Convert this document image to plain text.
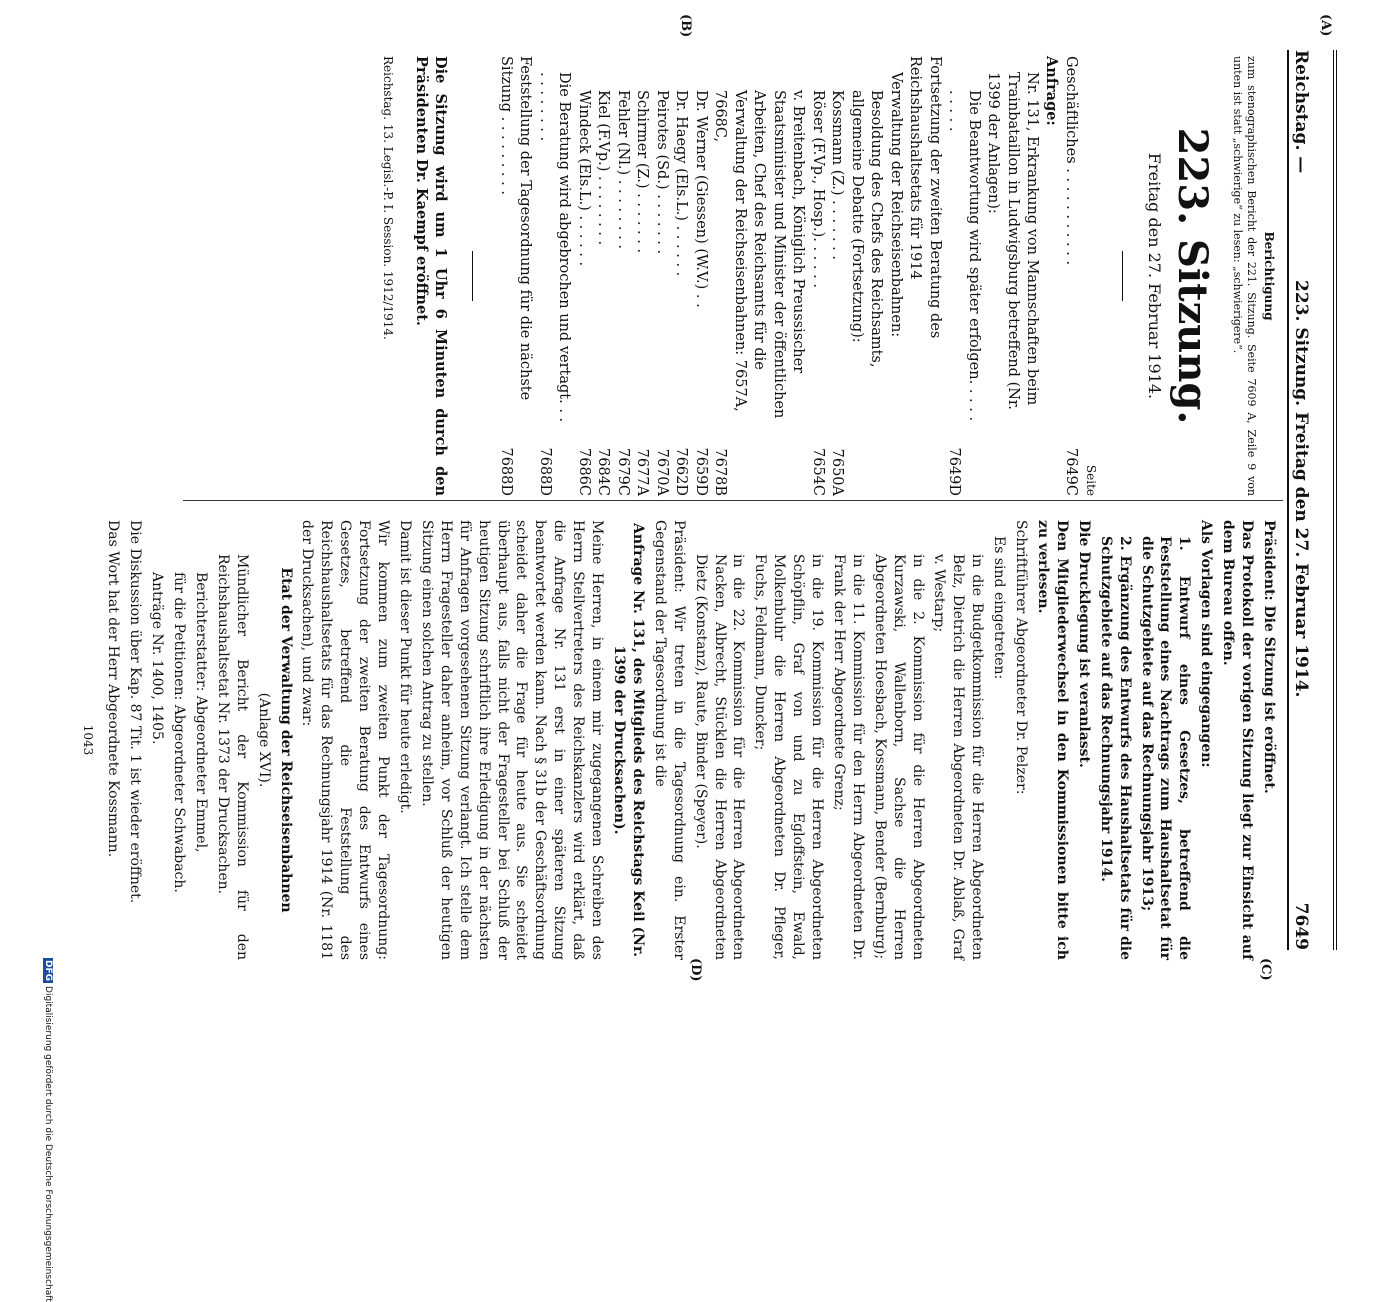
Reichstag. —
223. Sitzung. Freitag den 27. Februar 1914.
7649
(A)
(B)
(C)
(D)
Berichtigung
zum stenographischen Bericht der 221. Sitzung. Seite 7609 A, Zeile 9 von unten ist statt „schwierige“ zu lesen: „schwierigere“.
223. Sitzung.
Freitag den 27. Februar 1914.
Seite
Geschäftliches . . . . . . . . . . .
7649C
Anfrage:
Nr. 131, Erkrankung von Mannschaften beim Trainbataillon in Ludwigsburg betreffend (Nr. 1399 der Anlagen):
Die Beantwortung wird später erfolgen. . . . . . . . . .
7649D
Fortsetzung der zweiten Beratung des Reichshaushaltsetats für 1914
Verwaltung der Reichseisenbahnen:
Besoldung des Chefs des Reichsamts, allgemeine Debatte (Fortsetzung):
Kossmann (Z.) . . . . . . .
7650A
Röser (F.Vp., Hosp.). . . . . .
7654C
v. Breitenbach, Königlich Preussischer Staatsminister und Minister der öffentlichen Arbeiten, Chef des Reichsamts für die Verwaltung der Reichseisenbahnen: 7657A, 7668C,
7678B
Dr. Werner (Giessen) (W.V.) . .
7659D
Dr. Haegy (Els.L.) . . . . . .
7662D
Peirotes (Sd.) . . . . . . .
7670A
Schirmer (Z.) . . . . . . .
7677A
Fehler (Nl.) . . . . . . . .
7679C
Kiel (F.Vp.) . . . . . . . .
7684C
Windeck (Els.L.) . . . . . .
7686C
Die Beratung wird abgebrochen und vertagt. . . . . . . . . . .
7688D
Feststellung der Tagesordnung für die nächste Sitzung . . . . . . . . .
7688D
Die Sitzung wird um 1 Uhr 6 Minuten durch den Präsidenten Dr. Kaempf eröffnet.
Reichstag. 13. Legisl.-P. I. Session. 1912/1914.
Präsident: Die Sitzung ist eröffnet.
Das Protokoll der vorigen Sitzung liegt zur Einsicht auf dem Bureau offen.
Als Vorlagen sind eingegangen:
1. Entwurf eines Gesetzes, betreffend die Feststellung eines Nachtrags zum Haushaltsetat für die Schutzgebiete auf das Rechnungsjahr 1913;
2. Ergänzung des Entwurfs des Haushaltsetats für die Schutzgebiete auf das Rechnungsjahr 1914.
Die Drucklegung ist veranlasst.
Den Mitgliederwechsel in den Kommissionen bitte ich zu verlesen.
Schriftführer Abgeordneter Dr. Pelzer:
Es sind eingetreten:
in die Budgetkommission für die Herren Abgeordneten Belz, Dietrich die Herren Abgeordneten Dr. Ablaß, Graf v. Westarp;
in die 2. Kommission für die Herren Abgeordneten Kurzawski, Wallenborn, Sachse die Herren Abgeordneten Hoesbach, Kossmann, Bender (Bernburg);
in die 11. Kommission für den Herrn Abgeordneten Dr. Frank der Herr Abgeordnete Grenz;
in die 19. Kommission für die Herren Abgeordneten Schöpflin, Graf von und zu Egloffstein, Ewald, Molkenbuhr die Herren Abgeordneten Dr. Pfleger, Fuchs, Feldmann, Duncker;
in die 22. Kommission für die Herren Abgeordneten Nacken, Albrecht, Stücklen die Herren Abgeordneten Dietz (Konstanz), Raute, Binder (Speyer).
Präsident: Wir treten in die Tagesordnung ein. Erster Gegenstand der Tagesordnung ist die
Anfrage Nr. 131, des Mitglieds des Reichstags Keil (Nr. 1399 der Drucksachen).
Meine Herren, in einem mir zugegangenen Schreiben des Herrn Stellvertreters des Reichskanzlers wird erklärt, daß die Anfrage Nr. 131 erst in einer späteren Sitzung beantwortet werden kann. Nach § 31b der Geschäftsordnung scheidet daher die Frage für heute aus. Sie scheidet überhaupt aus, falls nicht der Fragesteller bei Schluß der heutigen Sitzung schriftlich ihre Erledigung in der nächsten für Anfragen vorgesehenen Sitzung verlangt. Ich stelle dem Herrn Fragesteller daher anheim, vor Schluß der heutigen Sitzung einen solchen Antrag zu stellen.
Damit ist dieser Punkt für heute erledigt.
Wir kommen zum zweiten Punkt der Tagesordnung: Fortsetzung der zweiten Beratung des Entwurfs eines Gesetzes, betreffend die Feststellung des Reichshaushaltsetats für das Rechnungsjahr 1914 (Nr. 1181 der Drucksachen), und zwar:
Etat der Verwaltung der Reichseisenbahnen
(Anlage XVI).
Mündlicher Bericht der Kommission für den Reichshaushaltsetat Nr. 1373 der Drucksachen.
Berichterstatter: Abgeordneter Emmel,
für die Petitionen: Abgeordneter Schwabach.
Anträge Nr. 1400, 1405.
Die Diskussion über Kap. 87 Tit. 1 ist wieder eröffnet.
Das Wort hat der Herr Abgeordnete Kossmann.
1043
DFGDigitalisierung gefördert durch die Deutsche Forschungsgemeinschaft
